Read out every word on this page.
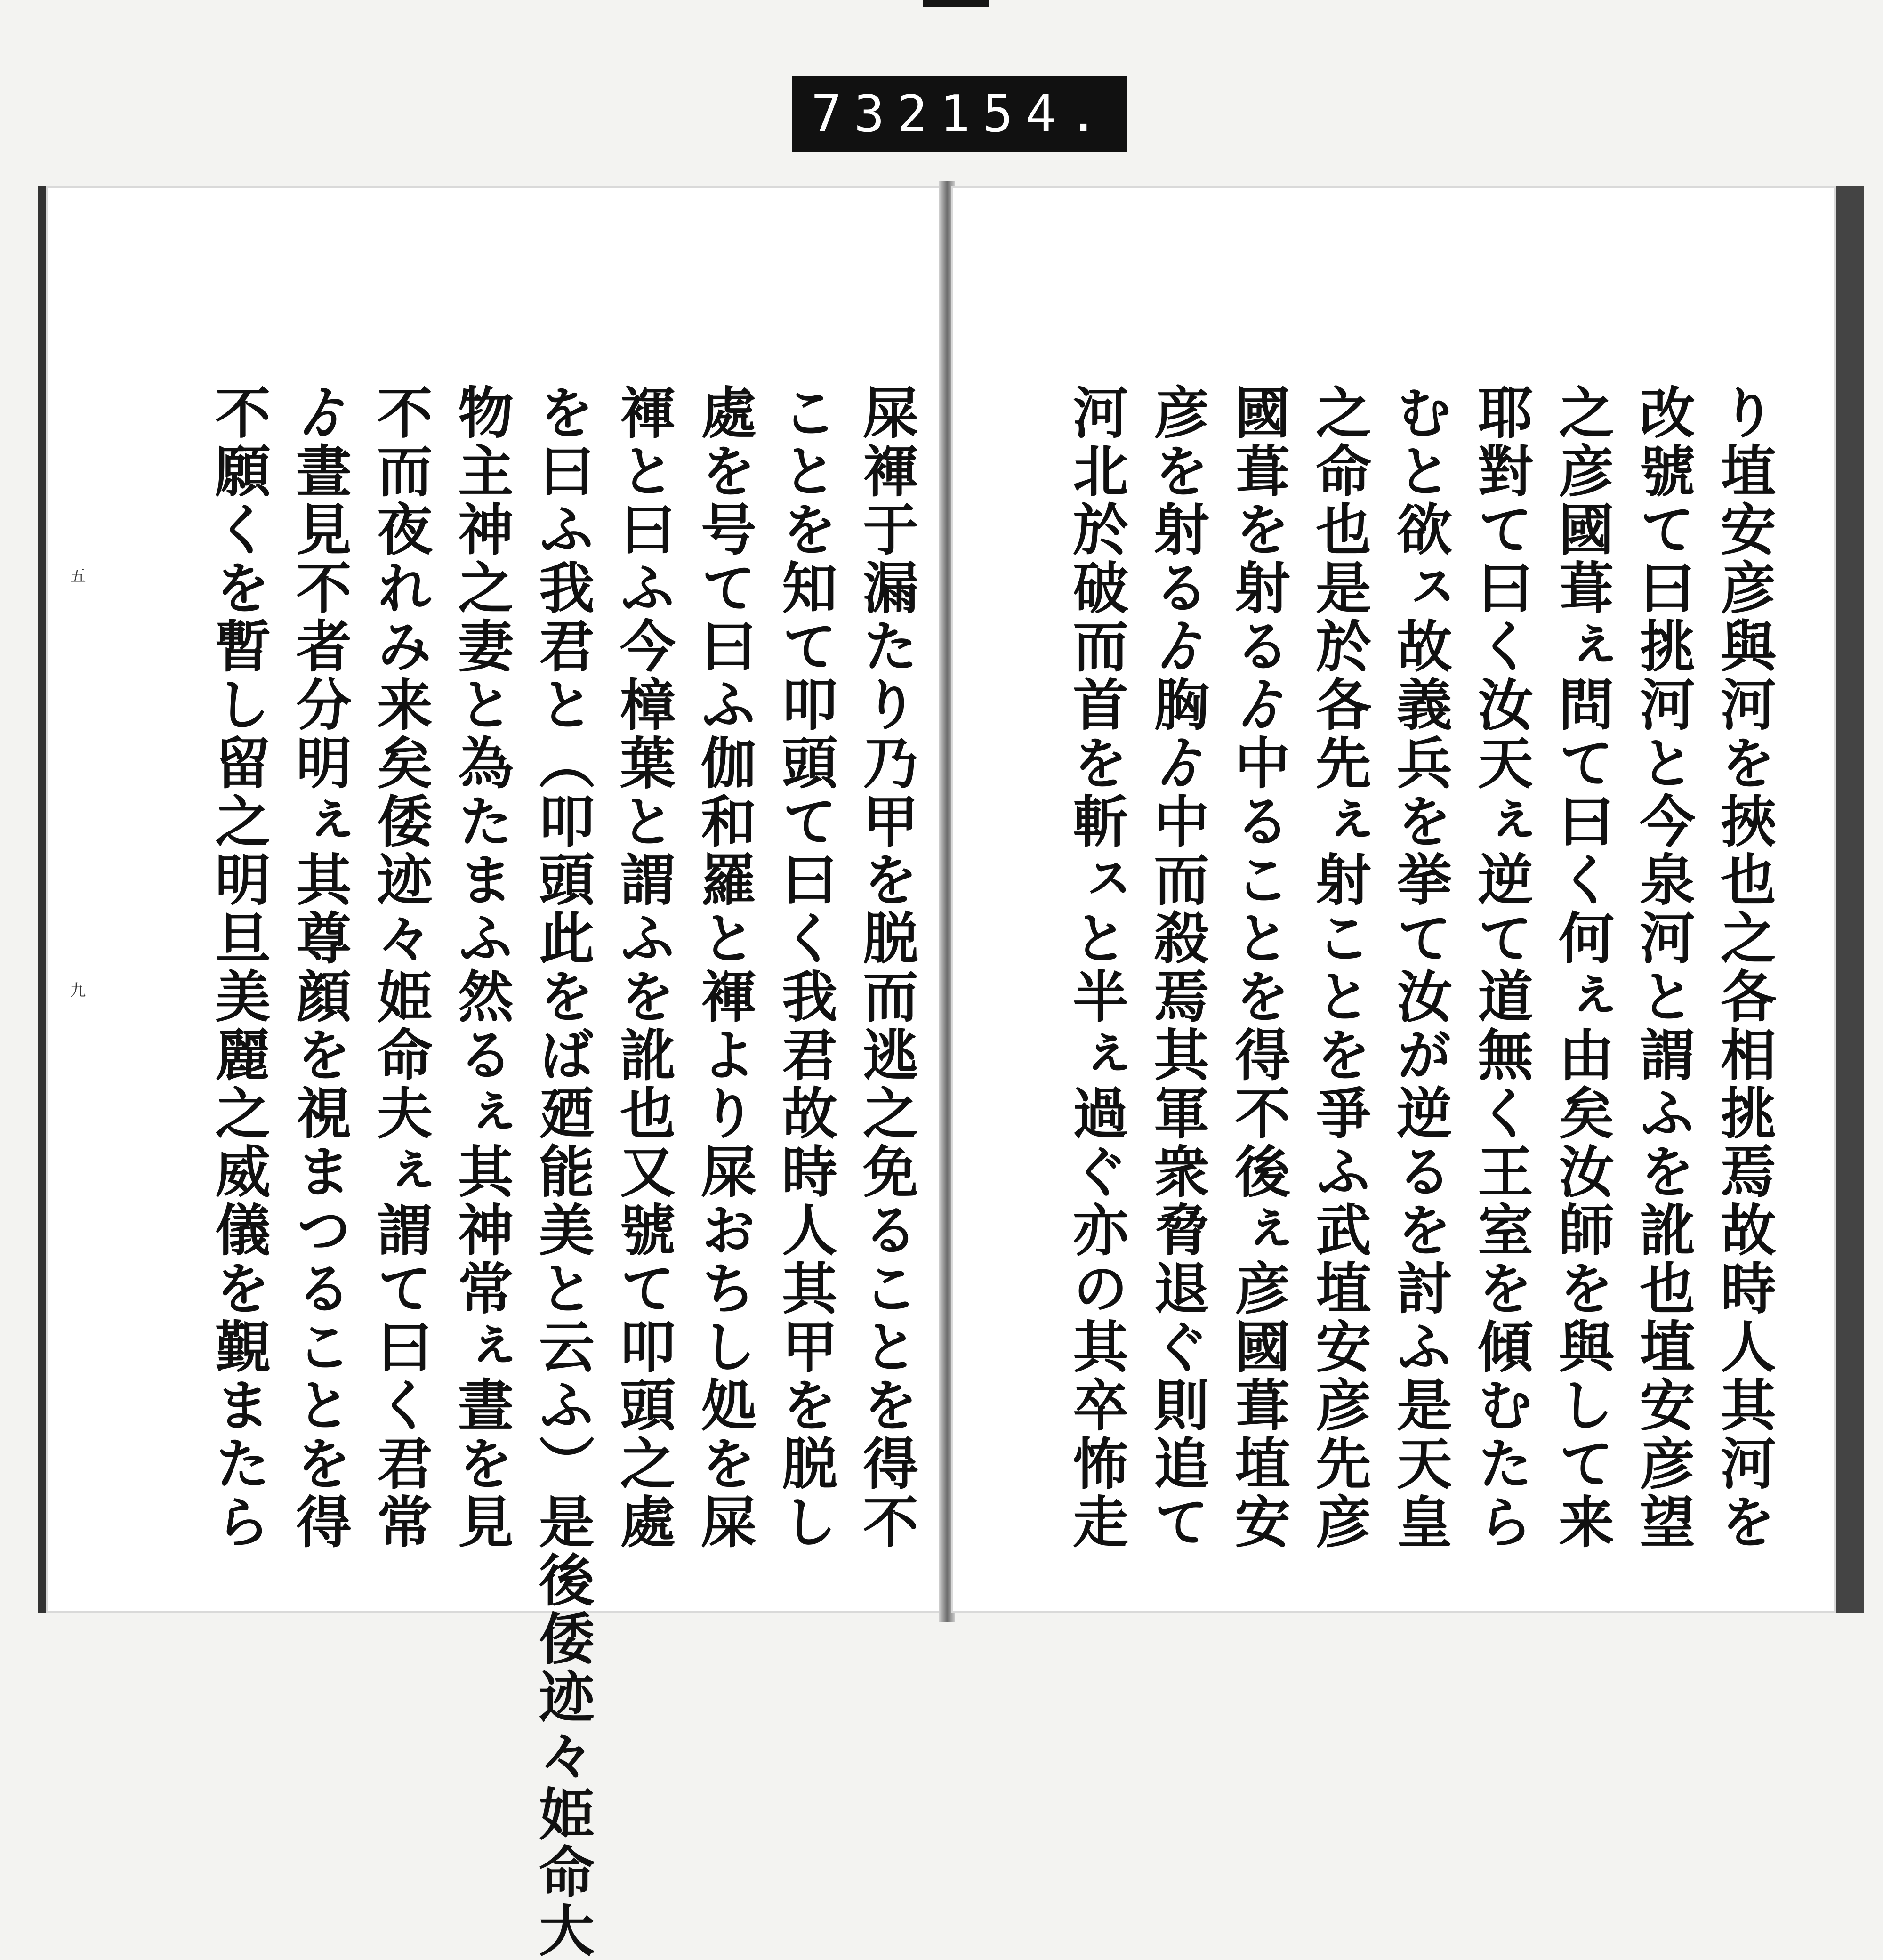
732 154.
五
九	屎褌于漏たり乃甲を脱而逃之免ることを得不
ことを知て叩頭て曰く我君故時人其甲を脱し
處を号て曰ふ伽和羅と褌より屎おちし処を屎
褌と曰ふ今樟葉と謂ふを訛也又號て叩頭之處
を曰ふ我君と（叩頭此をば廼能美と云ふ）是後倭迹々姫命大
物主神之妻と為たまふ然るぇ其神常ぇ晝を見
不而夜れみ来矣倭迹々姫命夫ぇ謂て曰く君常
ゟ晝見不者分明ぇ其尊顔を視まつることを得
不願くを暫し留之明旦美麗之威儀を覲またら	り埴安彦與河を挾也之各相挑焉故時人其河を
改號て曰挑河と今泉河と謂ふを訛也埴安彦望
之彦國葺ぇ問て曰く何ぇ由矣汝師を與して来
耶對て曰く汝天ぇ逆て道無く王室を傾むたら
むと欲ㇲ故義兵を挙て汝が逆るを討ふ是天皇
之命也是於各先ぇ射ことを爭ふ武埴安彦先彦
國葺を射るゟ中ることを得不後ぇ彦國葺埴安
彦を射るゟ胸ゟ中而殺焉其軍衆脅退ぐ則追て
河北於破而首を斬ㇲと半ぇ過ぐ亦の其卒怖走
